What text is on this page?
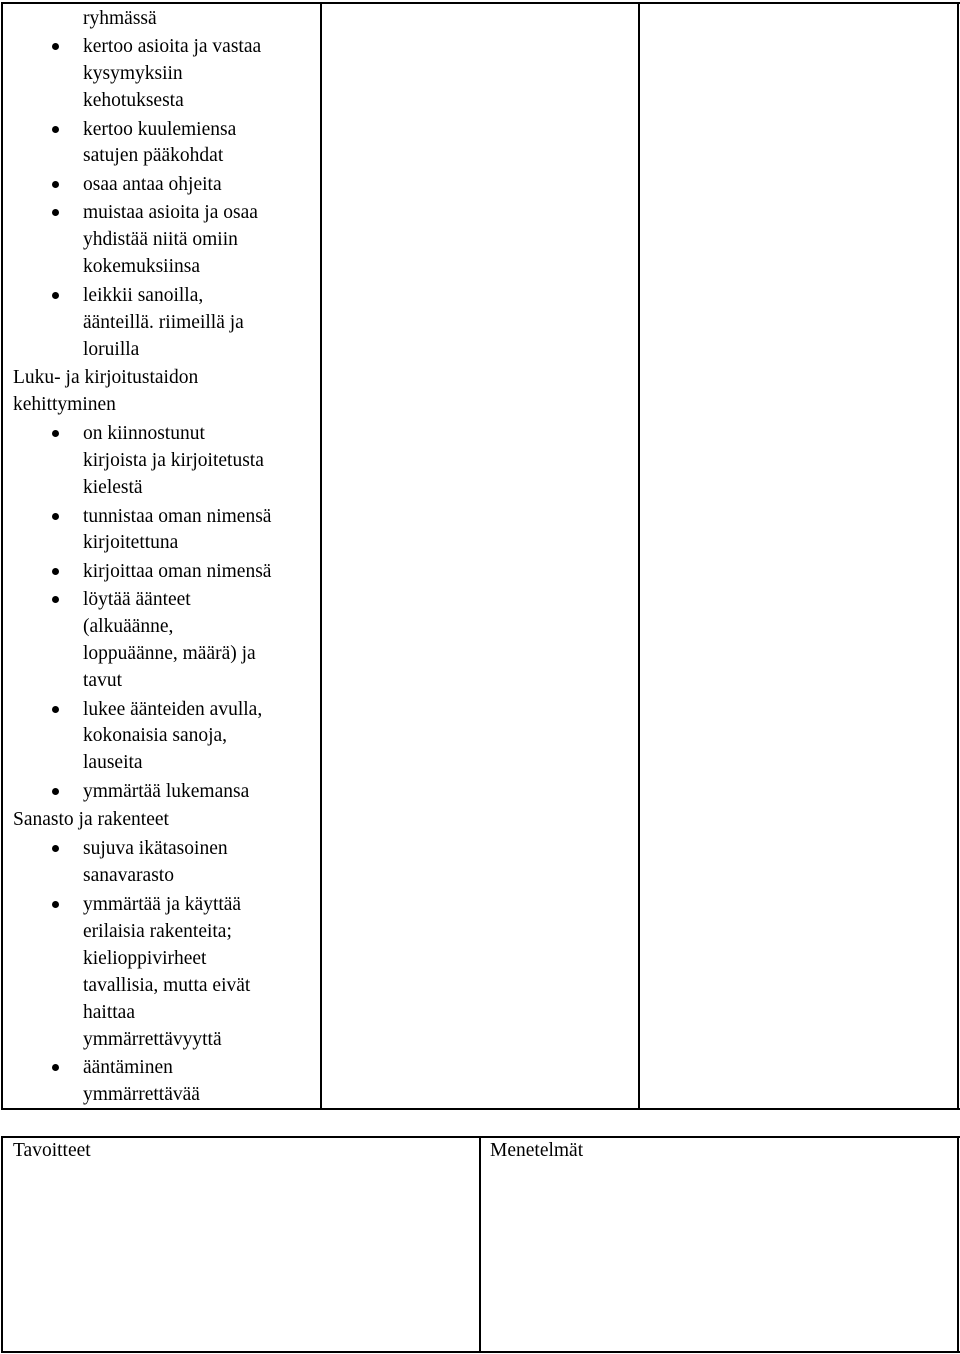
ryhmässä
kertoo asioita ja vastaa
kysymyksiin
kehotuksesta
kertoo kuulemiensa
satujen pääkohdat
osaa antaa ohjeita
muistaa asioita ja osaa
yhdistää niitä omiin
kokemuksiinsa
leikkii sanoilla,
äänteillä. riimeillä ja
loruilla
Luku- ja kirjoitustaidon
kehittyminen
on kiinnostunut
kirjoista ja kirjoitetusta
kielestä
tunnistaa oman nimensä
kirjoitettuna
kirjoittaa oman nimensä
löytää äänteet
(alkuäänne,
loppuäänne, määrä) ja
tavut
lukee äänteiden avulla,
kokonaisia sanoja,
lauseita
ymmärtää lukemansa
Sanasto ja rakenteet
sujuva ikätasoinen
sanavarasto
ymmärtää ja käyttää
erilaisia rakenteita;
kielioppivirheet
tavallisia, mutta eivät
haittaa
ymmärrettävyyttä
ääntäminen
ymmärrettävää
Tavoitteet	Menetelmät
